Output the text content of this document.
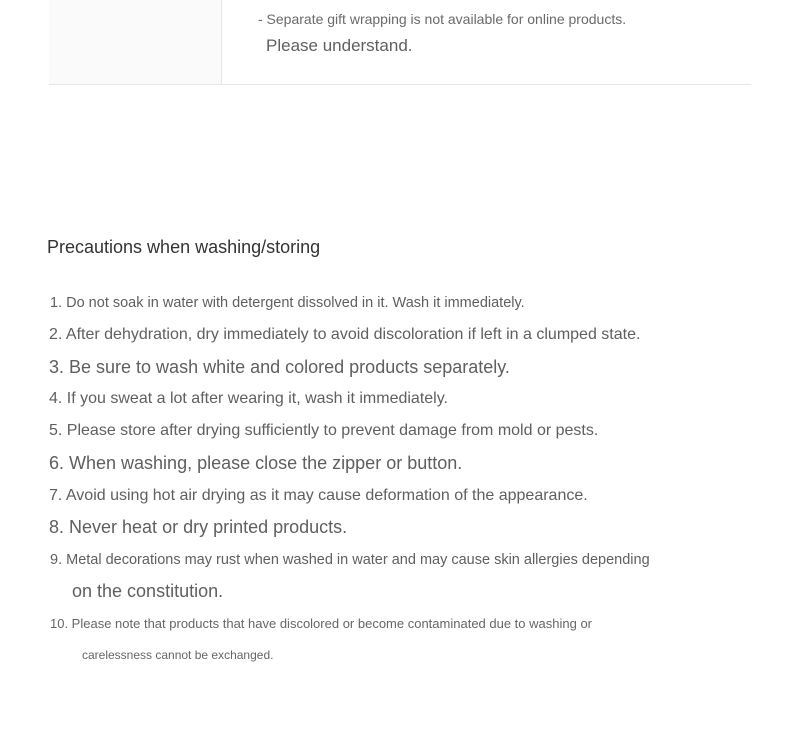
- Separate gift wrapping is not available for online products.
Please understand.
Precautions when washing/storing
1. Do not soak in water with detergent dissolved in it. Wash it immediately.
2. After dehydration, dry immediately to avoid discoloration if left in a clumped state.
3. Be sure to wash white and colored products separately.
4. If you sweat a lot after wearing it, wash it immediately.
5. Please store after drying sufficiently to prevent damage from mold or pests.
6. When washing, please close the zipper or button.
7. Avoid using hot air drying as it may cause deformation of the appearance.
8. Never heat or dry printed products.
9. Metal decorations may rust when washed in water and may cause skin allergies depending
on the constitution.
10. Please note that products that have discolored or become contaminated due to washing or
carelessness cannot be exchanged.
